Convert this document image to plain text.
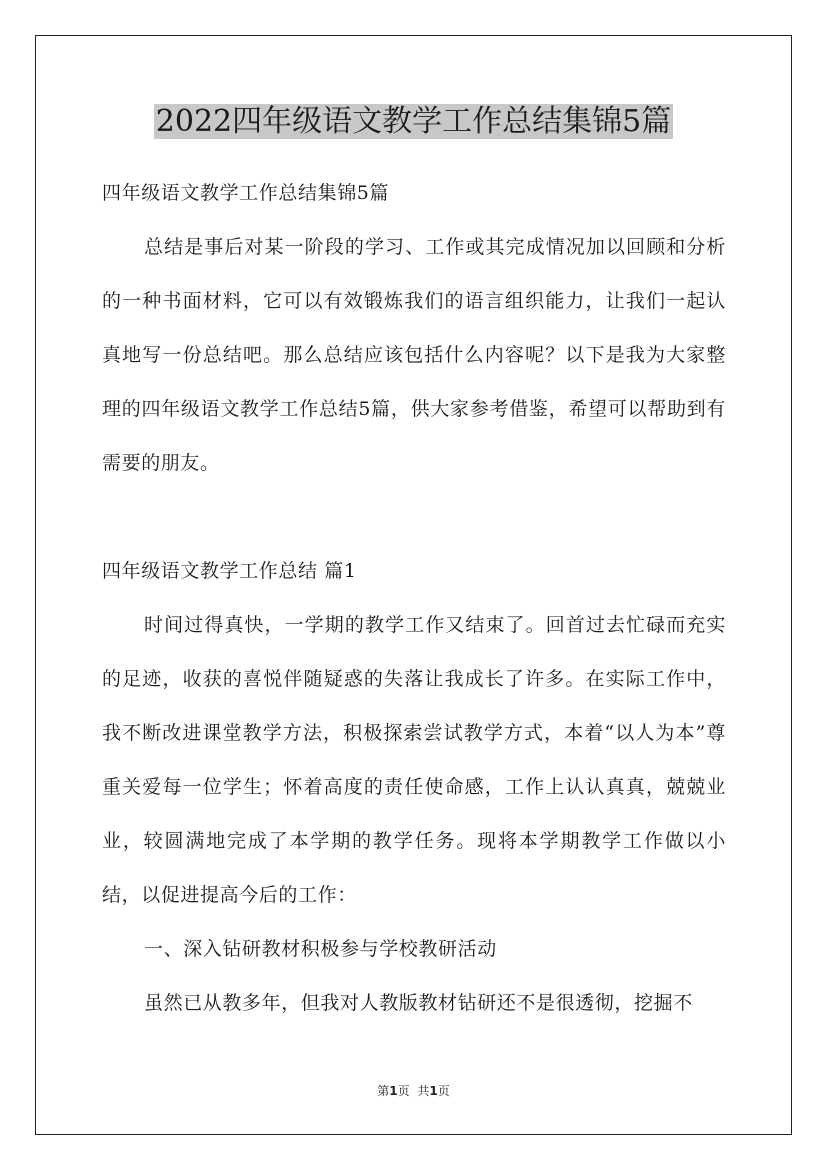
2022四年级语文教学工作总结集锦5篇

四年级语文教学工作总结集锦5篇

总结是事后对某一阶段的学习、工作或其完成情况加以回顾和分析的一种书面材料，它可以有效锻炼我们的语言组织能力，让我们一起认真地写一份总结吧。那么总结应该包括什么内容呢？以下是我为大家整理的四年级语文教学工作总结5篇，供大家参考借鉴，希望可以帮助到有需要的朋友。

四年级语文教学工作总结 篇1

时间过得真快，一学期的教学工作又结束了。回首过去忙碌而充实的足迹，收获的喜悦伴随疑惑的失落让我成长了许多。在实际工作中，我不断改进课堂教学方法，积极探索尝试教学方式，本着“以人为本”尊重关爱每一位学生；怀着高度的责任使命感，工作上认认真真，兢兢业业，较圆满地完成了本学期的教学任务。现将本学期教学工作做以小结，以促进提高今后的工作：

一、深入钻研教材积极参与学校教研活动

虽然已从教多年，但我对人教版教材钻研还不是很透彻，挖掘不

第1页 共1页
